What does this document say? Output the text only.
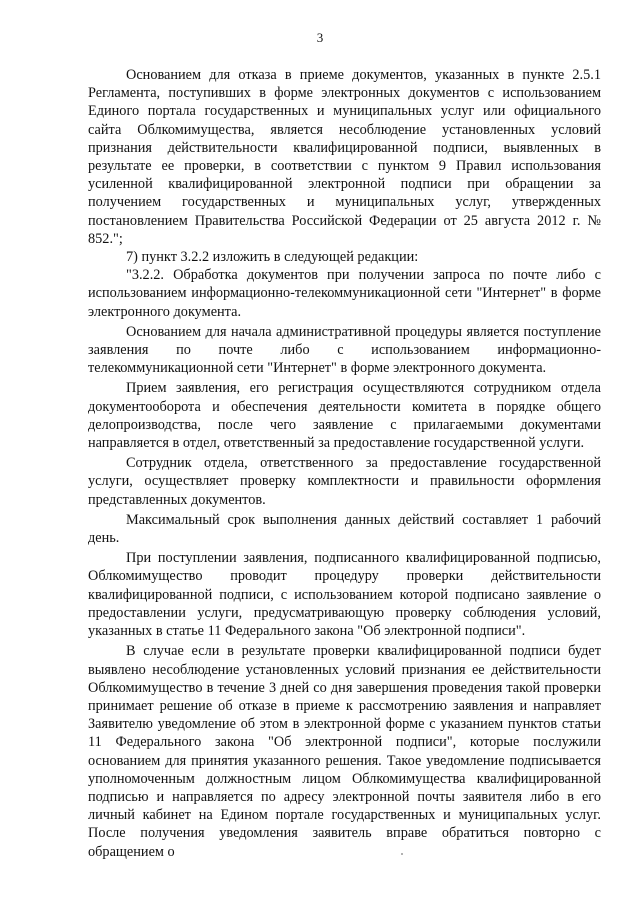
3

Основанием для отказа в приеме документов, указанных в пункте 2.5.1 Регламента, поступивших в форме электронных документов с использованием Единого портала государственных и муниципальных услуг или официального сайта Облкомимущества, является несоблюдение установленных условий признания действительности квалифицированной подписи, выявленных в результате ее проверки, в соответствии с пунктом 9 Правил использования усиленной квалифицированной электронной подписи при обращении за получением государственных и муниципальных услуг, утвержденных постановлением Правительства Российской Федерации от 25 августа 2012 г. № 852.";

7) пункт 3.2.2 изложить в следующей редакции:

"3.2.2. Обработка документов при получении запроса по почте либо с использованием информационно-телекоммуникационной сети "Интернет" в форме электронного документа.

Основанием для начала административной процедуры является поступление заявления по почте либо с использованием информационно-телекоммуникационной сети "Интернет" в форме электронного документа.

Прием заявления, его регистрация осуществляются сотрудником отдела документооборота и обеспечения деятельности комитета в порядке общего делопроизводства, после чего заявление с прилагаемыми документами направляется в отдел, ответственный за предоставление государственной услуги.

Сотрудник отдела, ответственного за предоставление государственной услуги, осуществляет проверку комплектности и правильности оформления представленных документов.

Максимальный срок выполнения данных действий составляет 1 рабочий день.

При поступлении заявления, подписанного квалифицированной подписью, Облкомимущество проводит процедуру проверки действительности квалифицированной подписи, с использованием которой подписано заявление о предоставлении услуги, предусматривающую проверку соблюдения условий, указанных в статье 11 Федерального закона "Об электронной подписи".

В случае если в результате проверки квалифицированной подписи будет выявлено несоблюдение установленных условий признания ее действительности Облкомимущество в течение 3 дней со дня завершения проведения такой проверки принимает решение об отказе в приеме к рассмотрению заявления и направляет Заявителю уведомление об этом в электронной форме с указанием пунктов статьи 11 Федерального закона "Об электронной подписи", которые послужили основанием для принятия указанного решения. Такое уведомление подписывается уполномоченным должностным лицом Облкомимущества квалифицированной подписью и направляется по адресу электронной почты заявителя либо в его личный кабинет на Едином портале государственных и муниципальных услуг. После получения уведомления заявитель вправе обратиться повторно с обращением о
